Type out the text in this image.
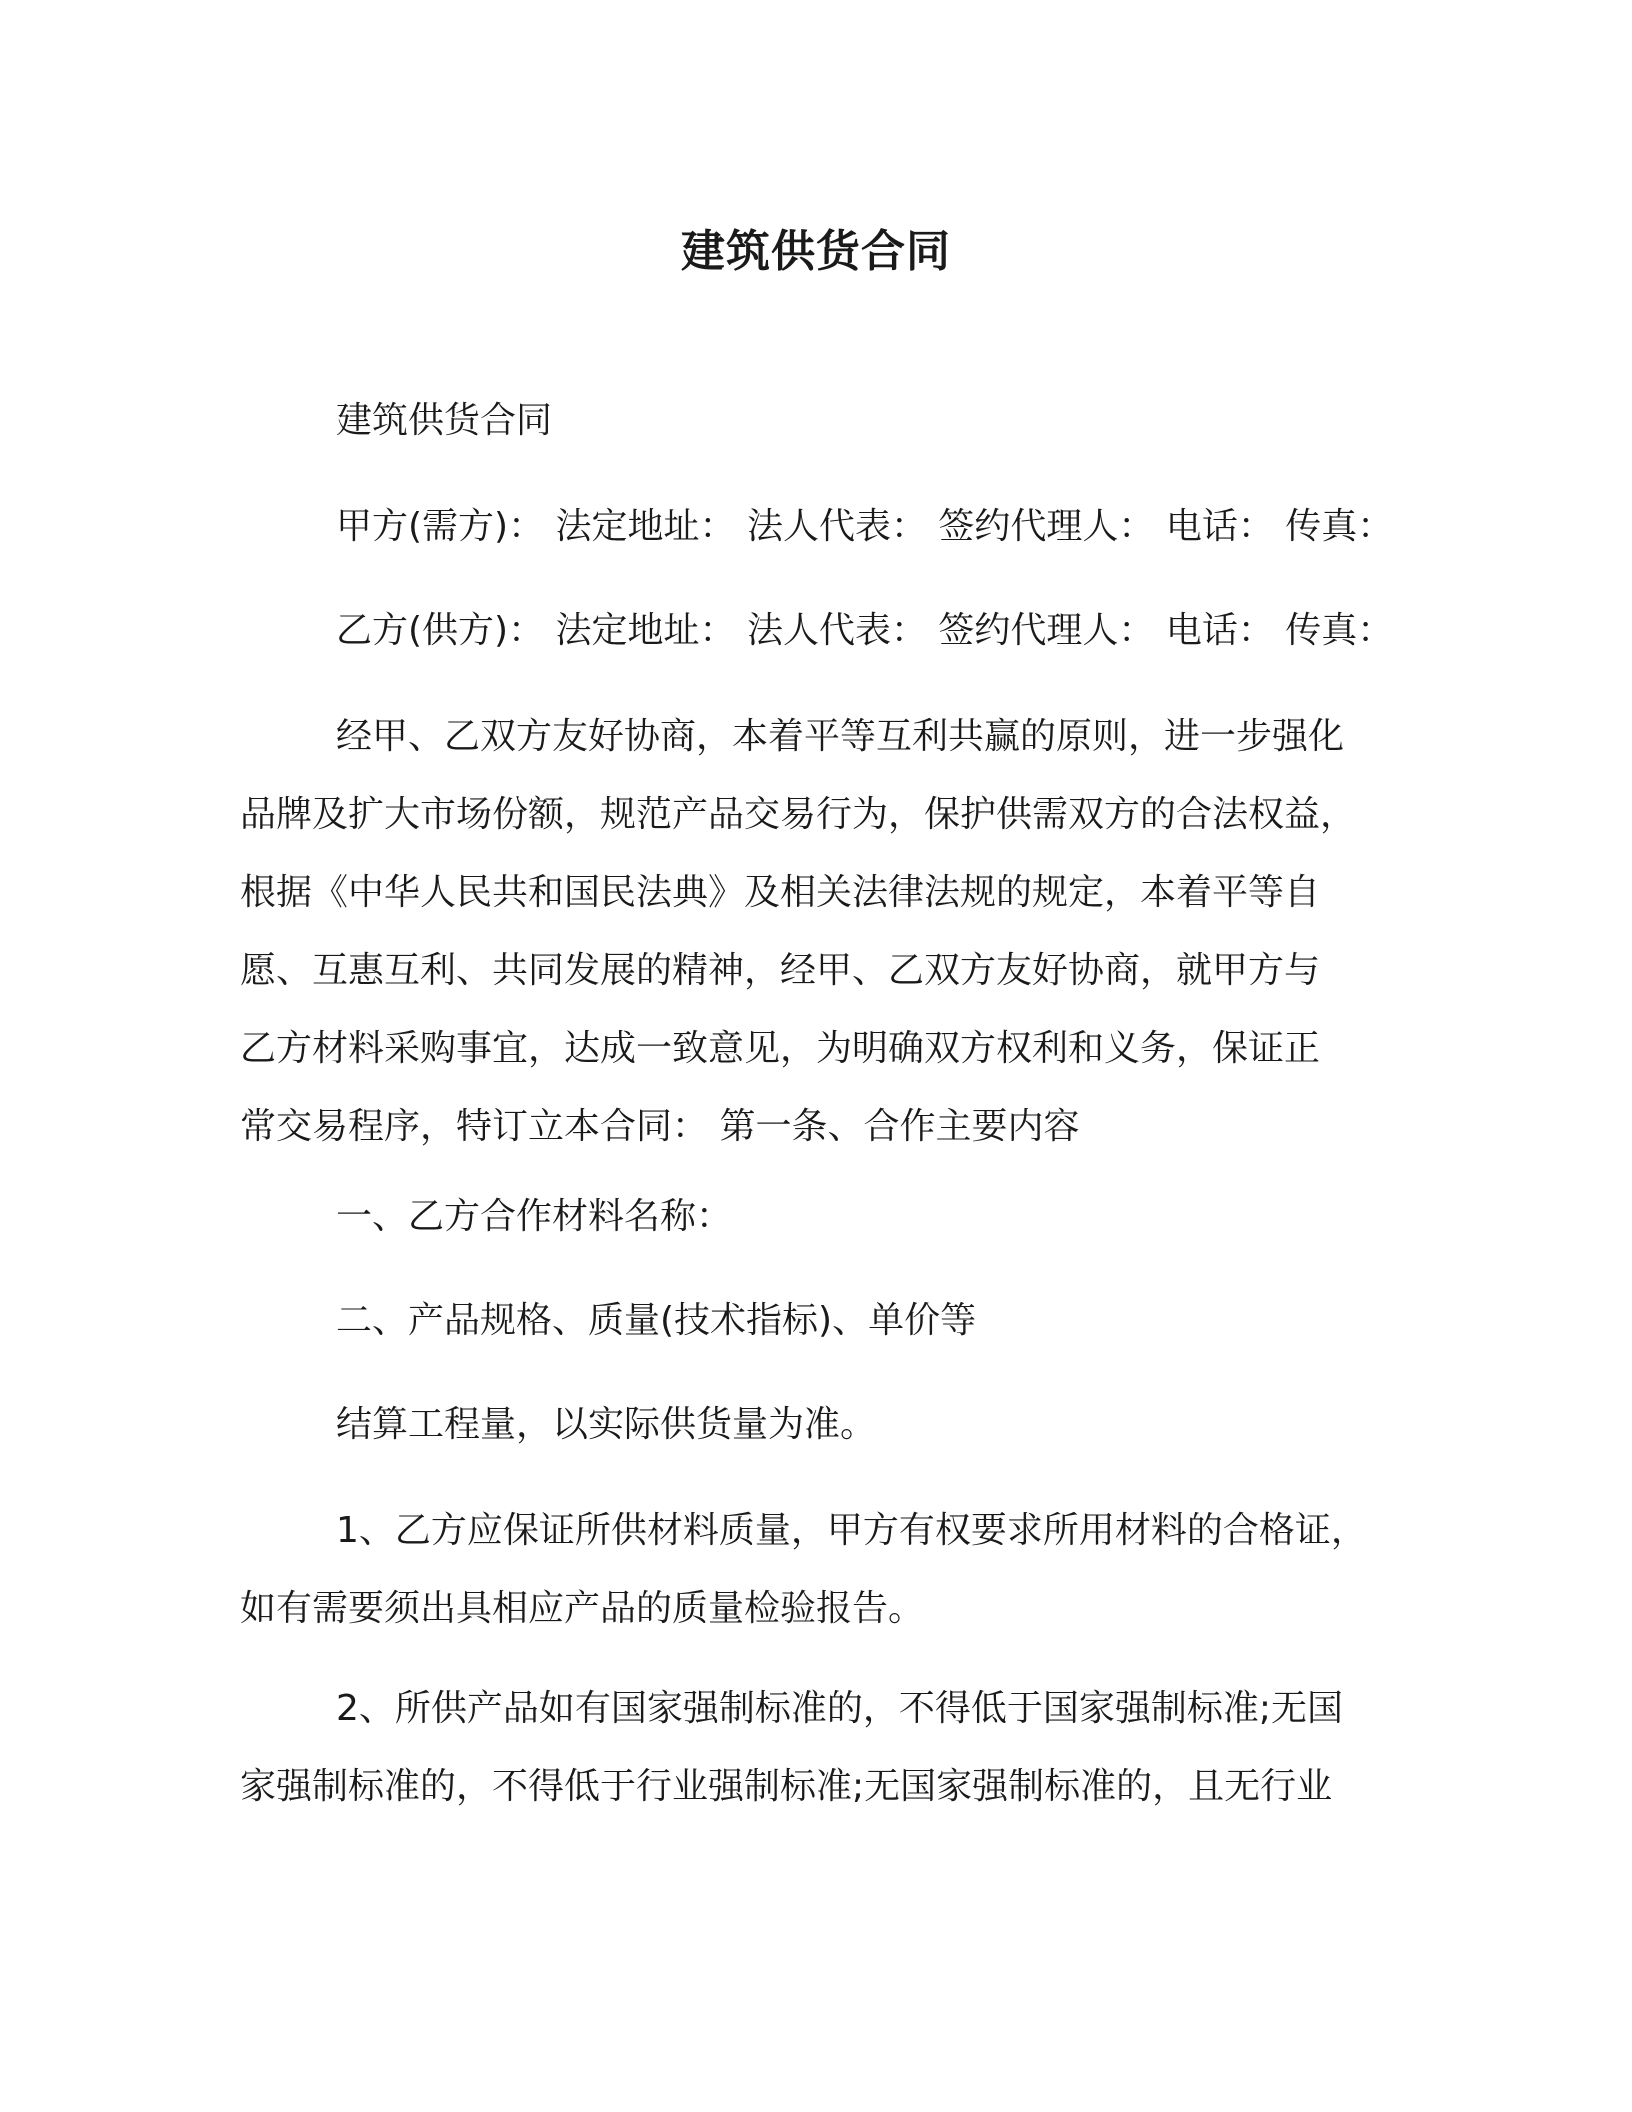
建筑供货合同
建筑供货合同
甲方(需方)： 法定地址： 法人代表： 签约代理人： 电话： 传真：
乙方(供方)： 法定地址： 法人代表： 签约代理人： 电话： 传真：
经甲、乙双方友好协商，本着平等互利共赢的原则，进一步强化
品牌及扩大市场份额，规范产品交易行为，保护供需双方的合法权益，
根据《中华人民共和国民法典》及相关法律法规的规定，本着平等自
愿、互惠互利、共同发展的精神，经甲、乙双方友好协商，就甲方与
乙方材料采购事宜，达成一致意见，为明确双方权利和义务，保证正
常交易程序，特订立本合同： 第一条、合作主要内容
一、乙方合作材料名称：
二、产品规格、质量(技术指标)、单价等
结算工程量，以实际供货量为准。
1、乙方应保证所供材料质量，甲方有权要求所用材料的合格证，
如有需要须出具相应产品的质量检验报告。
2、所供产品如有国家强制标准的，不得低于国家强制标准;无国
家强制标准的，不得低于行业强制标准;无国家强制标准的，且无行业
